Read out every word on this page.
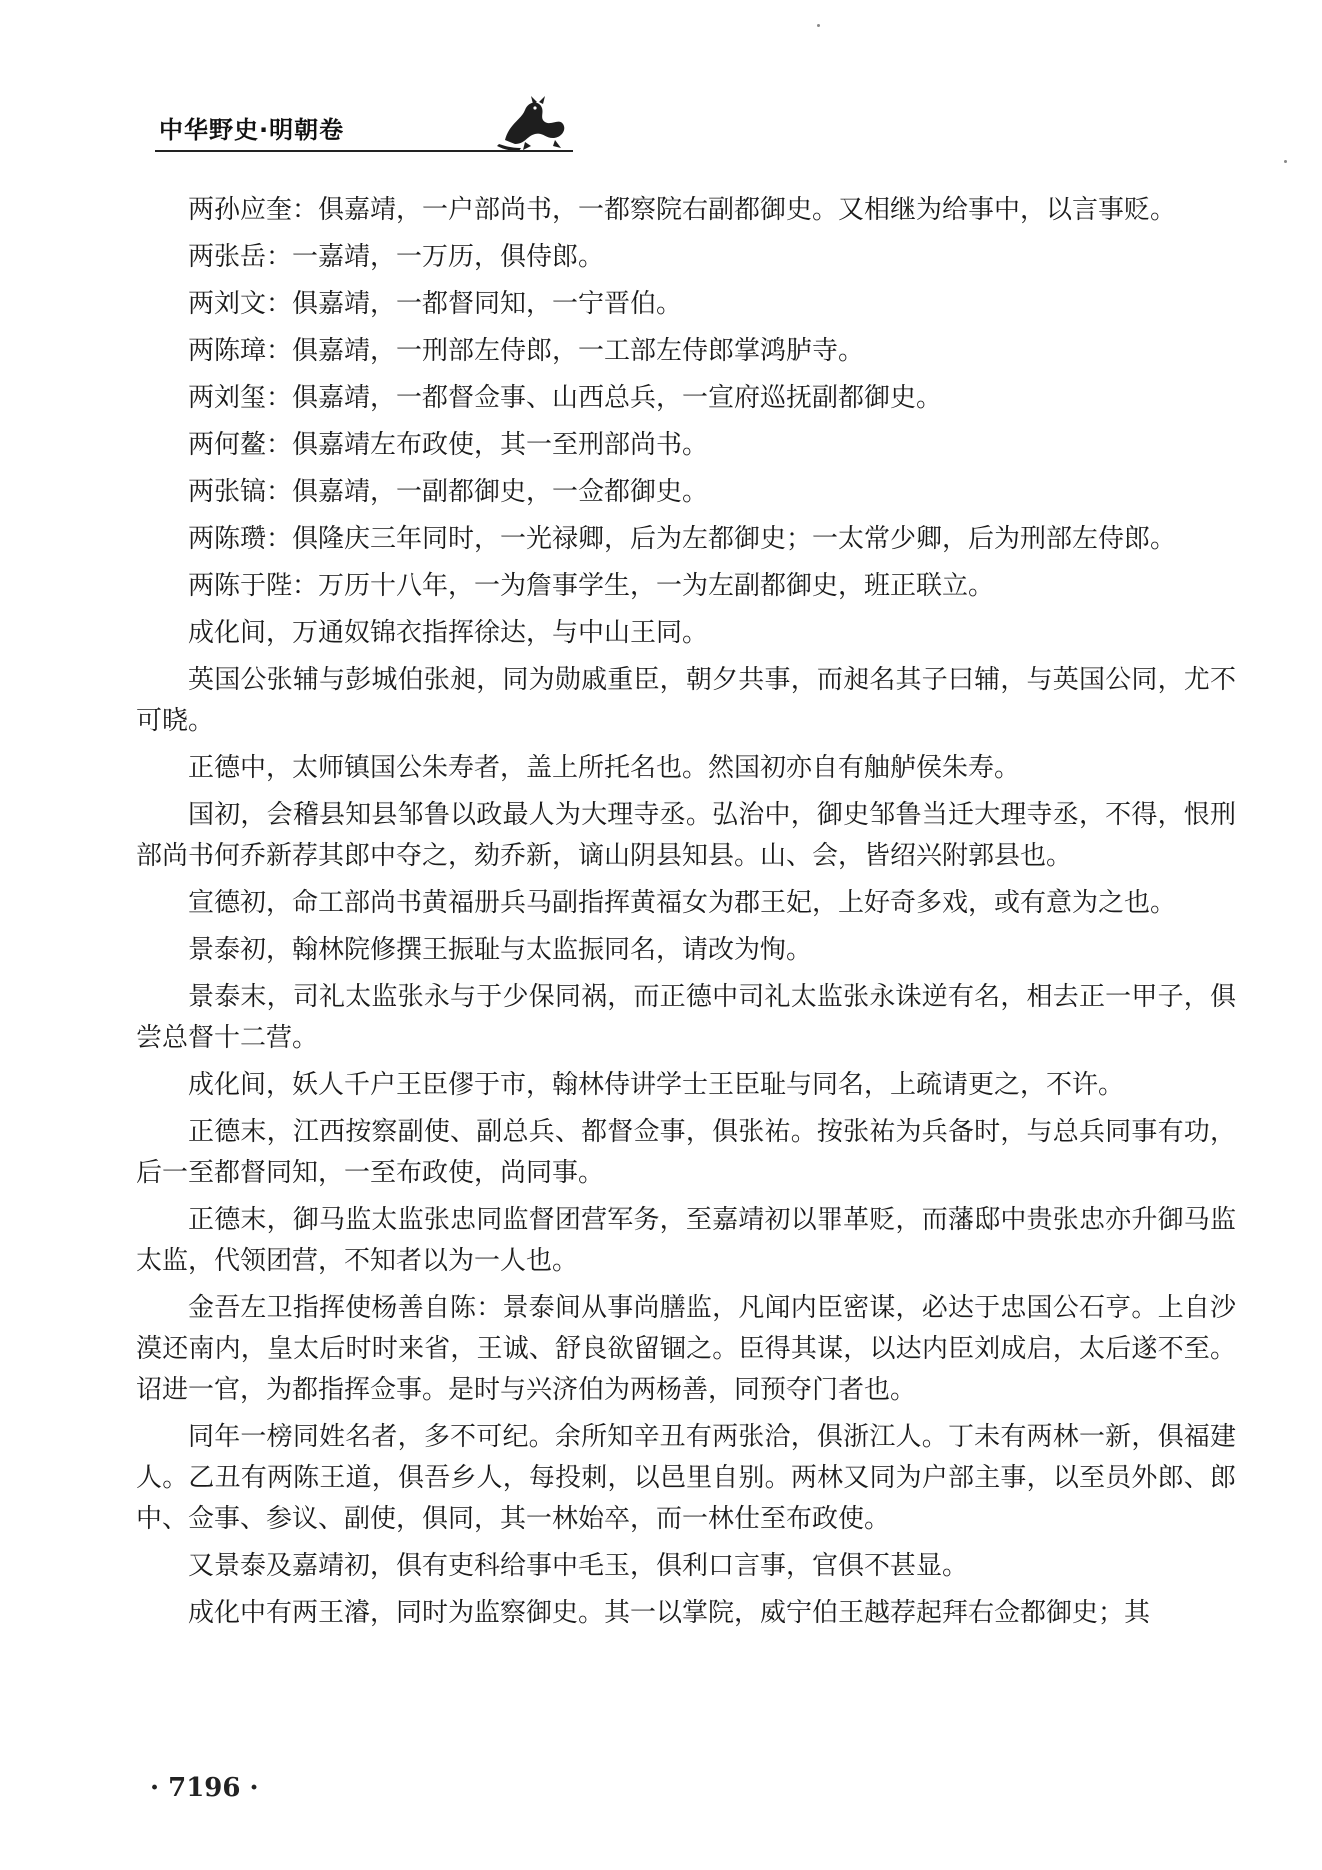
中华野史·明朝卷

两孙应奎：俱嘉靖，一户部尚书，一都察院右副都御史。又相继为给事中，以言事贬。

两张岳：一嘉靖，一万历，俱侍郎。

两刘文：俱嘉靖，一都督同知，一宁晋伯。

两陈璋：俱嘉靖，一刑部左侍郎，一工部左侍郎掌鸿胪寺。

两刘玺：俱嘉靖，一都督佥事、山西总兵，一宣府巡抚副都御史。

两何鳌：俱嘉靖左布政使，其一至刑部尚书。

两张镐：俱嘉靖，一副都御史，一佥都御史。

两陈瓒：俱隆庆三年同时，一光禄卿，后为左都御史；一太常少卿，后为刑部左侍郎。

两陈于陛：万历十八年，一为詹事学生，一为左副都御史，班正联立。

成化间，万通奴锦衣指挥徐达，与中山王同。

英国公张辅与彭城伯张昶，同为勋戚重臣，朝夕共事，而昶名其子曰辅，与英国公同，尤不可晓。

正德中，太师镇国公朱寿者，盖上所托名也。然国初亦自有舳舻侯朱寿。

国初，会稽县知县邹鲁以政最人为大理寺丞。弘治中，御史邹鲁当迁大理寺丞，不得，恨刑部尚书何乔新荐其郎中夺之，劾乔新，谪山阴县知县。山、会，皆绍兴附郭县也。

宣德初，命工部尚书黄福册兵马副指挥黄福女为郡王妃，上好奇多戏，或有意为之也。

景泰初，翰林院修撰王振耻与太监振同名，请改为恂。

景泰末，司礼太监张永与于少保同祸，而正德中司礼太监张永诛逆有名，相去正一甲子，俱尝总督十二营。

成化间，妖人千户王臣僇于市，翰林侍讲学士王臣耻与同名，上疏请更之，不许。

正德末，江西按察副使、副总兵、都督佥事，俱张祐。按张祐为兵备时，与总兵同事有功，后一至都督同知，一至布政使，尚同事。

正德末，御马监太监张忠同监督团营军务，至嘉靖初以罪革贬，而藩邸中贵张忠亦升御马监太监，代领团营，不知者以为一人也。

金吾左卫指挥使杨善自陈：景泰间从事尚膳监，凡闻内臣密谋，必达于忠国公石亨。上自沙漠还南内，皇太后时时来省，王诚、舒良欲留锢之。臣得其谋，以达内臣刘成启，太后遂不至。诏进一官，为都指挥佥事。是时与兴济伯为两杨善，同预夺门者也。

同年一榜同姓名者，多不可纪。余所知辛丑有两张洽，俱浙江人。丁未有两林一新，俱福建人。乙丑有两陈王道，俱吾乡人，每投刺，以邑里自别。两林又同为户部主事，以至员外郎、郎中、佥事、参议、副使，俱同，其一林始卒，而一林仕至布政使。

又景泰及嘉靖初，俱有吏科给事中毛玉，俱利口言事，官俱不甚显。

成化中有两王濬，同时为监察御史。其一以掌院，威宁伯王越荐起拜右佥都御史；其

· 7196 ·
